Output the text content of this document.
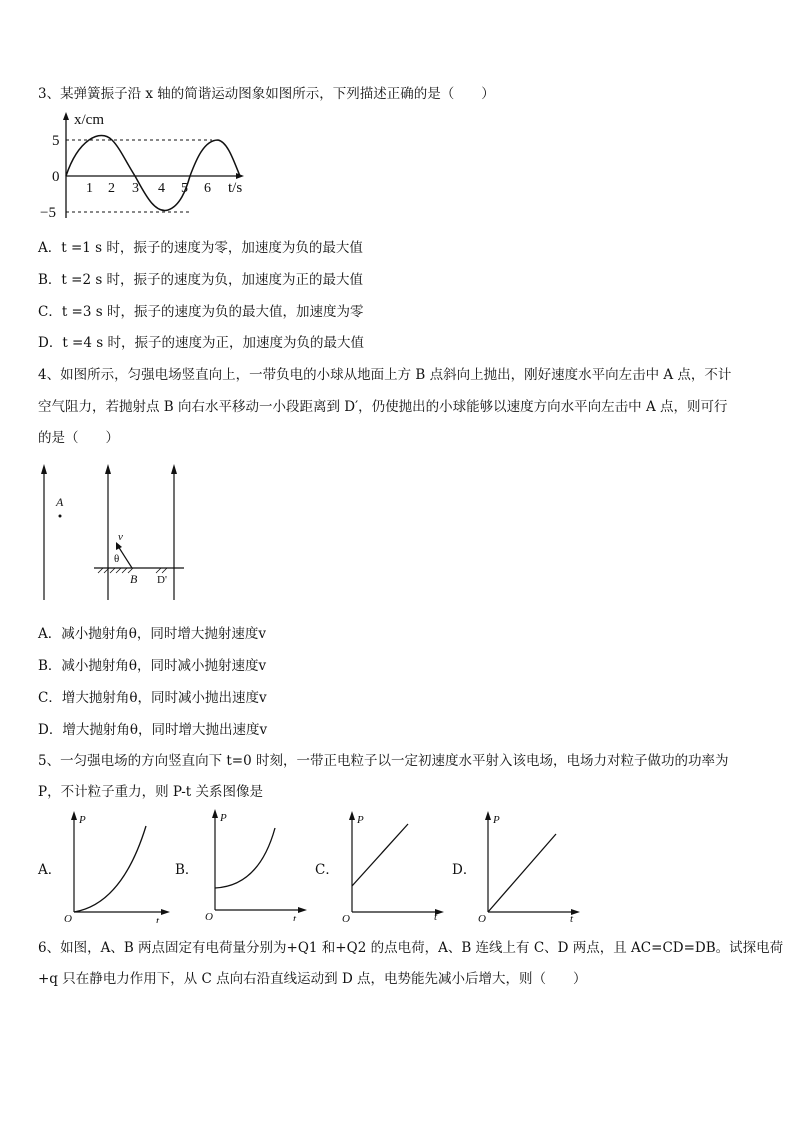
3、某弹簧振子沿 x 轴的简谐运动图象如图所示，下列描述正确的是（　　）
x/cm
t/s
5
0
−5
1 2 3 4 5 6
A．t =1 s 时，振子的速度为零，加速度为负的最大值
B．t =2 s 时，振子的速度为负，加速度为正的最大值
C．t =3 s 时，振子的速度为负的最大值，加速度为零
D．t =4 s 时，振子的速度为正，加速度为负的最大值
4、如图所示，匀强电场竖直向上，一带负电的小球从地面上方 B 点斜向上抛出，刚好速度水平向左击中 A 点，不计
空气阻力，若抛射点 B 向右水平移动一小段距离到 D′，仍使抛出的小球能够以速度方向水平向左击中 A 点，则可行
的是（　　）
A
v
θ
B D'
A．减小抛射角θ，同时增大抛射速度v
B．减小抛射角θ，同时减小抛射速度v
C．增大抛射角θ，同时减小抛出速度v
D．增大抛射角θ，同时增大抛出速度v
5、一匀强电场的方向竖直向下 t=0 时刻，一带正电粒子以一定初速度水平射入该电场，电场力对粒子做功的功率为
P，不计粒子重力，则 P-t 关系图像是
A．
P
t
O
B．
P
t
O
C．
P
t
O
D．
P
t
O
6、如图，A、B 两点固定有电荷量分别为+Q1 和+Q2 的点电荷，A、B 连线上有 C、D 两点，且 AC=CD=DB。试探电荷
+q 只在静电力作用下，从 C 点向右沿直线运动到 D 点，电势能先减小后增大，则（　　）
